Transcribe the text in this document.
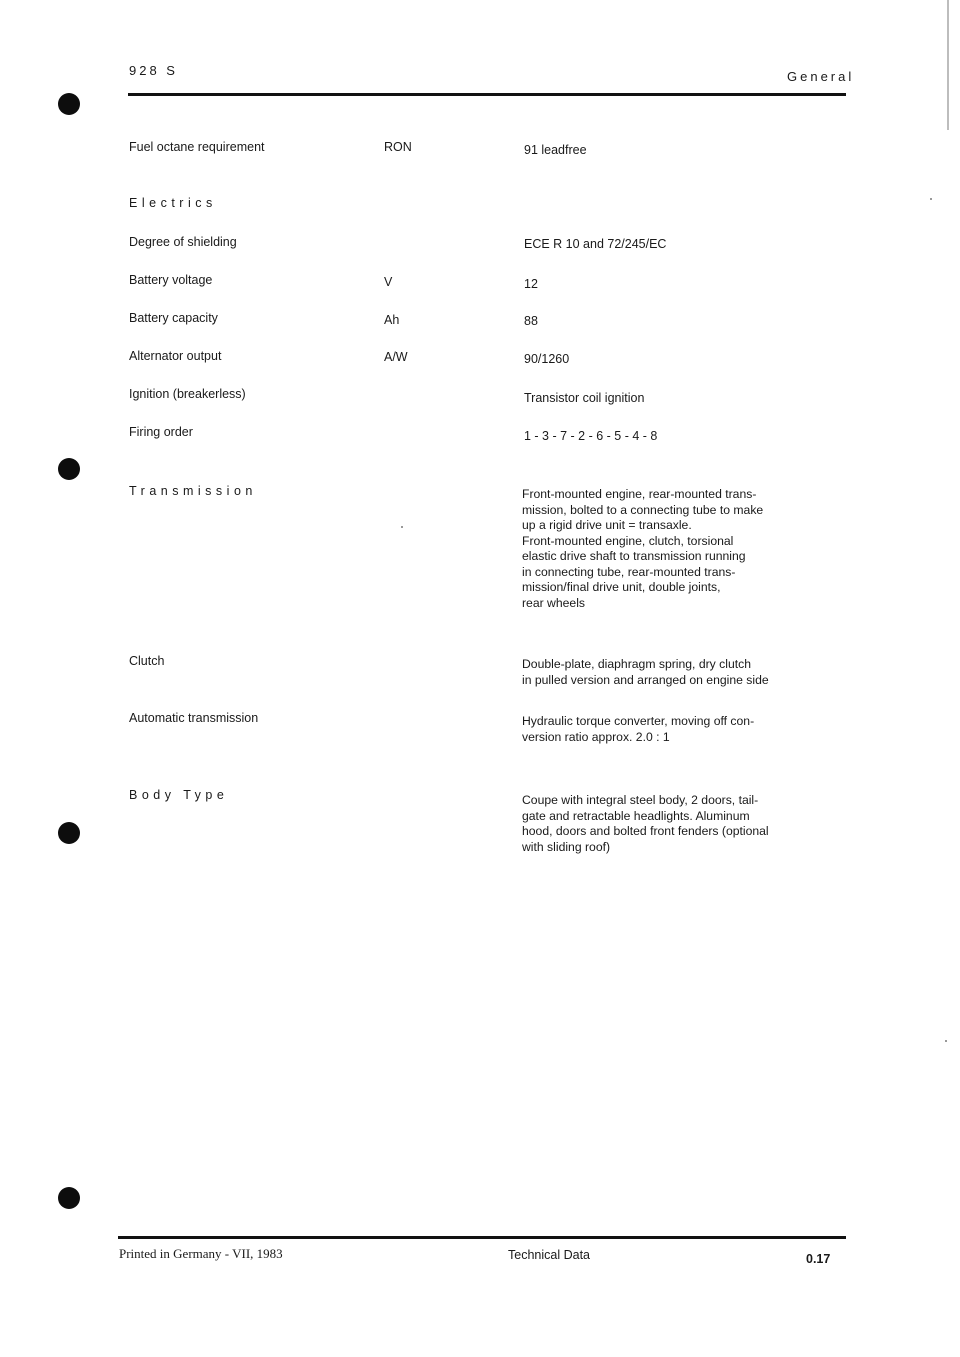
928 S	General
Fuel octane requirement	RON	91 leadfree
Electrics
Degree of shielding	ECE R 10 and 72/245/EC
Battery voltage	V	12
Battery capacity	Ah	88
Alternator output	A/W	90/1260
Ignition (breakerless)	Transistor coil ignition
Firing order	1 - 3 - 7 - 2 - 6 - 5 - 4 - 8
Transmission	Front-mounted engine, rear-mounted trans-
mission, bolted to a connecting tube to make
up a rigid drive unit = transaxle.
Front-mounted engine, clutch, torsional
elastic drive shaft to transmission running
in connecting tube, rear-mounted trans-
mission/final drive unit, double joints,
rear wheels
Clutch	Double-plate, diaphragm spring, dry clutch
in pulled version and arranged on engine side
Automatic transmission	Hydraulic torque converter, moving off con-
version ratio approx. 2.0 : 1
Body Type	Coupe with integral steel body, 2 doors, tail-
gate and retractable headlights. Aluminum
hood, doors and bolted front fenders (optional
with sliding roof)
Printed in Germany - VII, 1983	Technical Data	0.17
